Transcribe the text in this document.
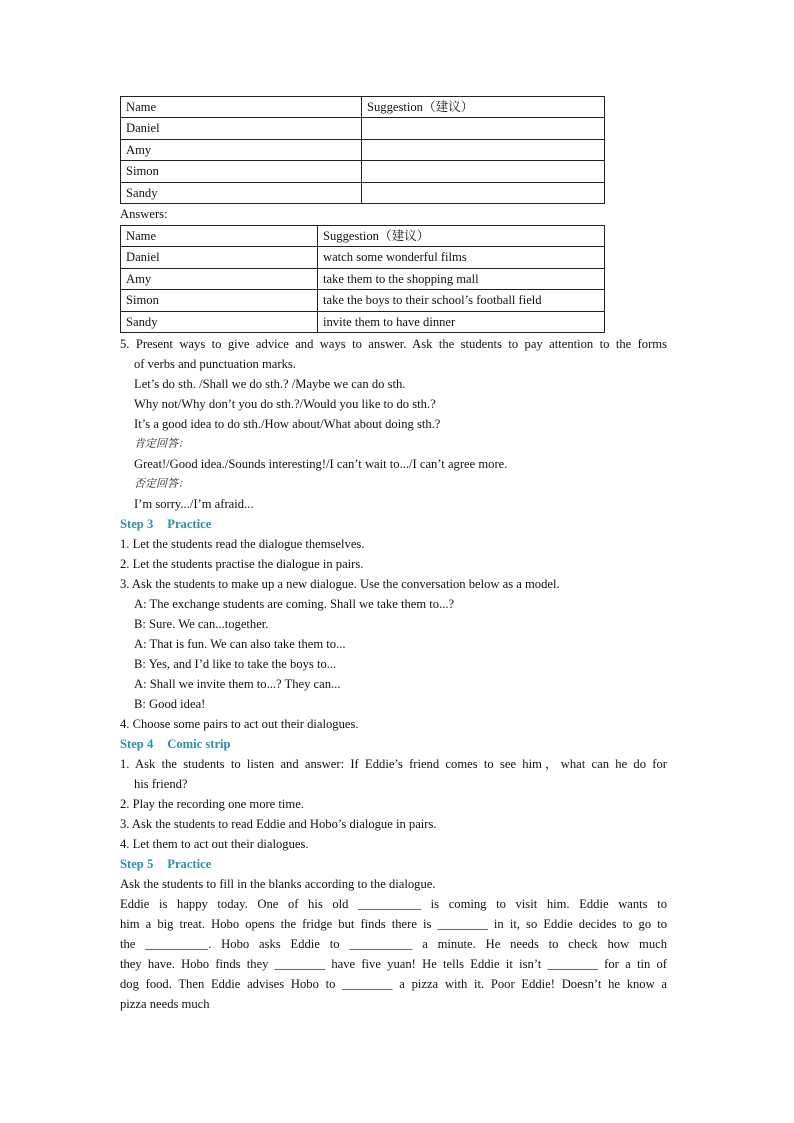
Name	Suggestion（建议）
Daniel	
Amy	
Simon	
Sandy	
Answers:
Name	Suggestion（建议）
Daniel	watch some wonderful films
Amy	take them to the shopping mall
Simon	take the boys to their school’s football field
Sandy	invite them to have dinner
5. Present ways to give advice and ways to answer. Ask the students to pay attention to the forms
of verbs and punctuation marks.
Let’s do sth. /Shall we do sth.? /Maybe we can do sth.
Why not/Why don’t you do sth.?/Would you like to do sth.?
It’s a good idea to do sth./How about/What about doing sth.?
肯定回答：
Great!/Good idea./Sounds interesting!/I can’t wait to.../I can’t agree more.
否定回答：
I’m sorry.../I’m afraid...
Step 3 Practice
1. Let the students read the dialogue themselves.
2. Let the students practise the dialogue in pairs.
3. Ask the students to make up a new dialogue. Use the conversation below as a model.
A: The exchange students are coming. Shall we take them to...?
B: Sure. We can...together.
A: That is fun. We can also take them to...
B: Yes, and I’d like to take the boys to...
A: Shall we invite them to...? They can...
B: Good idea!
4. Choose some pairs to act out their dialogues.
Step 4 Comic strip
1. Ask the students to listen and answer: If Eddie’s friend comes to see him，what can he do for
his friend?
2. Play the recording one more time.
3. Ask the students to read Eddie and Hobo’s dialogue in pairs.
4. Let them to act out their dialogues.
Step 5 Practice
Ask the students to fill in the blanks according to the dialogue.
Eddie is happy today. One of his old __________ is coming to visit him. Eddie wants to
him a big treat. Hobo opens the fridge but finds there is ________ in it, so Eddie decides to go to
the __________. Hobo asks Eddie to __________ a minute. He needs to check how much
they have. Hobo finds they ________ have five yuan! He tells Eddie it isn’t ________ for a tin of
dog food. Then Eddie advises Hobo to ________ a pizza with it. Poor Eddie! Doesn’t he know a
pizza needs much
